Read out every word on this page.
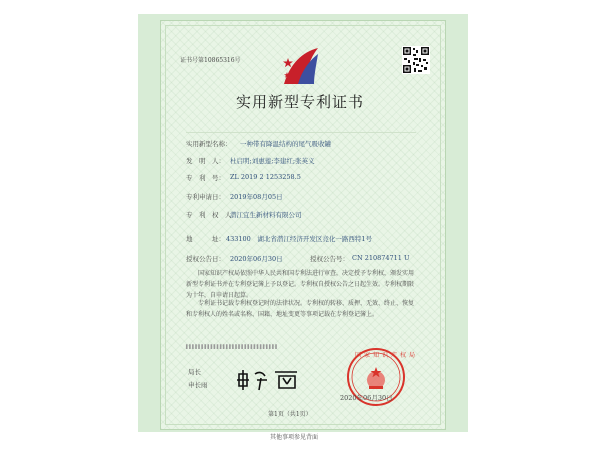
证书号第10865316号
实用新型专利证书
实用新型名称： 一种带有降温结构的尾气吸收罐
发　明　人： 杜启明;刘惠莲;李建红;张英义
专　利　号： ZL 2019 2 1253258.5
专利申请日： 2019年08月05日
专　利　权　人：
潜江宜生新材料有限公司
地　　　址： 433100　湖北省潜江经济开发区竞化一路西特1号
授权公告日： 2020年06月30日	授权公告号： CN 210874711 U
国家知识产权局依照中华人民共和国专利法进行审查，决定授予专利权，颁发实用新型专利证书并在专利登记簿上予以登记。专利权自授权公告之日起生效。专利权期限为十年，自申请日起算。
专利证书记载专利权登记时的法律状况。专利权的转移、质押、无效、终止、恢复和专利权人的姓名或名称、国籍、地址变更等事项记载在专利登记簿上。
▌▌▌▌▌▌▌▌▌▌▌▌▌▌▌▌▌▌▌▌▌▌▌▌▌▌▌▌▌▌
局长
申长雨
国家知识产权局
2020年06月30日
第1页（共1页）
其他事项参见背面
